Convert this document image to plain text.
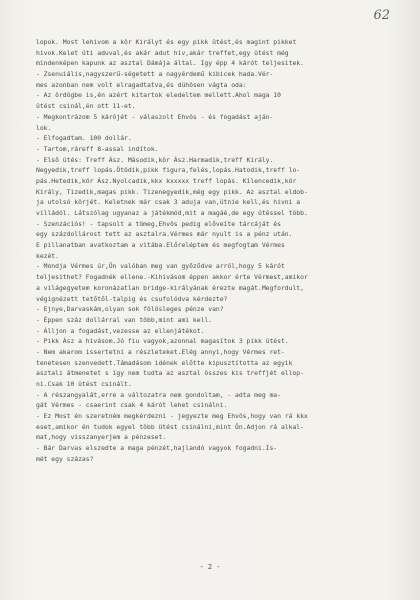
62
lopok. Most lehivom a kör Királyt és egy pikk ütést,és magint pikket
hivok.Kelet üti aduval,és akár adut hiv,akár treffet,egy ütést még
mindenképen kapunk az asztal Dámája által. Igy épp 4 kárót teljesitek.
- Zsenuiális,nagyszerű-ségetett a nagyérdemű kibicek hada.Vér-
mes azonban nem volt elragadtatva,és dühösen vágta oda:
- Az ördögbe is,én azért kitartok eledeltem mellett.Ahol maga 10
ütést csinál,én ott 11-et.
- Megkontrázom 5 kárójét - válaszolt Ehvös - és fogadást aján-
lok.
- Elfogadtam. 100 dollár.
- Tartom,ráreff 8-assal indítok.
- Első ütés: Treff Ász. Második,kör Ász.Harmadik,treff Király.
Negyedik,treff lopás.Ötödik,pikk figura,felés,lopás.Hatodik,treff lo-
pás.Hetedik,kör Ász.Nyolcadik,kkx kxxxxx treff lopás. Kilencedik,kör
Király, Tizedik,magas pikk. Tizenegyedik,még egy pikk. Az asztal eldob-
ja utolsó körjét. Keletnek már csak 3 aduja van,ütnie kell,és hivni a
villádól. Látszólag ugyanaz a játékmód,mit a magáé,de egy ütéssel több.
- Szenzációs! - tapsolt a tömeg,Ehvös pedig előveíte tárcáját és
egy százdollárost tett az asztalra.Vérmes már nyult is a pénz után.
E pillanatban avatkoztam a vitába.Előreléptem és megfogtam Vérmes
kezét.
- Mondja Vérmes úr,Ön valóban meg van győződve arról,hogy 5 kárót
teljesithet? Fogadnék ellene.-Kihivásom éppen akkor érte Vérmest,amikor
a világegyetem koronázatlan bridge-királyának érezte magát.Megfordult,
végignézett tetőtől-talpig és csufolódva kérdezte?
- Ejnye,Darvaskám,olyan sok fölösleges pénze van?
- Éppen száz dollárral van több,mint ami kell.
- Álljon a fogadást,vezesse az ellenjátékot.
- Pikk Ász a hivásom.Jó fiu vagyok,azonnal magasítok 3 pikk ütést.
- Nem akarom issertetni a részleteket.Elég annyi,hogy Vérmes ret-
tenetesen szenvedett.Támadásom idének előtte kipusztította az egyik
asztali átmenetet s így nem tudta az asztal összes kis treffjét ellop-
ni.Csak 10 ütést csinált.
- A részangyalát,erre a változatra nem gondoltam, - adta meg ma-
gát Vérmes - csaerint csak 4 kárót lehet csinálni.
- Ez Most én szeretném megkérdezni - jegyezte meg Ehvös,hogy van rá kkx
eset,amikor én tudok egyel több ütést csinálni,mint Ön.Adjon rá alkal-
mat,hogy visszanyerjem a pénzeset.
- Bár Darvas elszedte a maga pénzét,hajlandó vagyok fogadni.Is-
mét egy százas?
- 2 -
